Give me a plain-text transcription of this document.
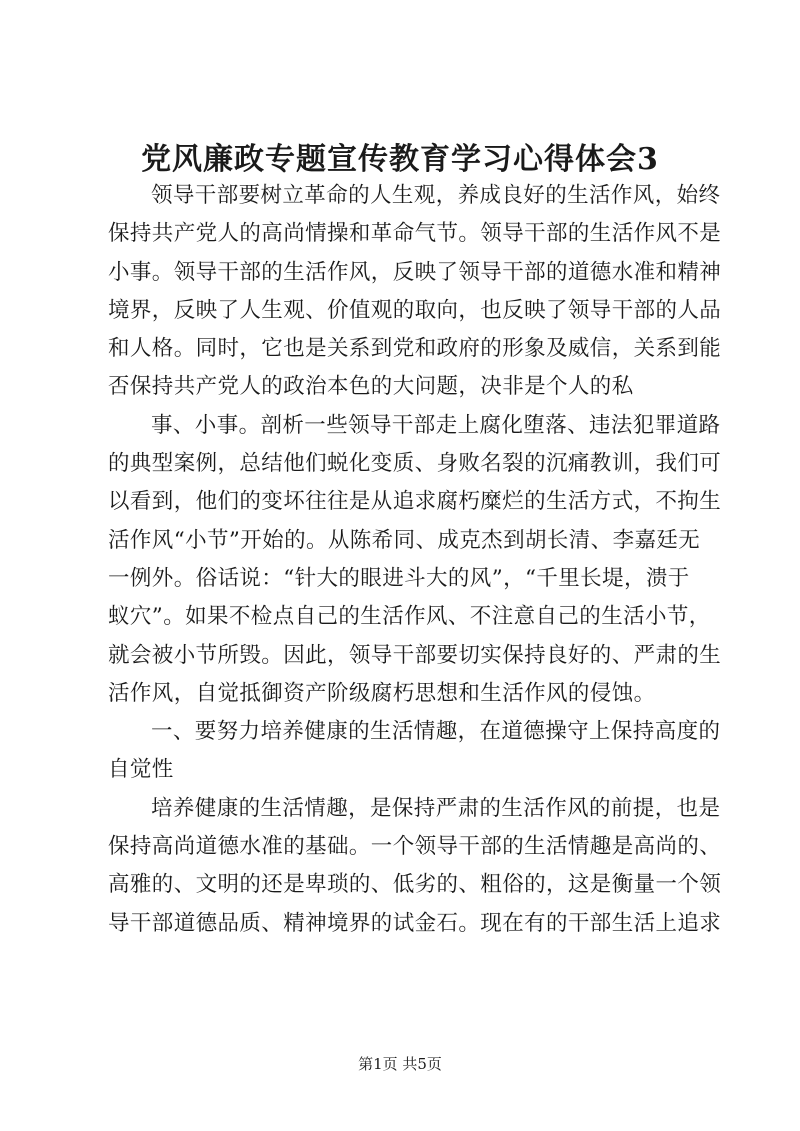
党风廉政专题宣传教育学习心得体会3
领导干部要树立革命的人生观，养成良好的生活作风，始终
保持共产党人的高尚情操和革命气节。领导干部的生活作风不是
小事。领导干部的生活作风，反映了领导干部的道德水准和精神
境界，反映了人生观、价值观的取向，也反映了领导干部的人品
和人格。同时，它也是关系到党和政府的形象及威信，关系到能
否保持共产党人的政治本色的大问题，决非是个人的私
事、小事。剖析一些领导干部走上腐化堕落、违法犯罪道路
的典型案例，总结他们蜕化变质、身败名裂的沉痛教训，我们可
以看到，他们的变坏往往是从追求腐朽糜烂的生活方式，不拘生
活作风“小节”开始的。从陈希同、成克杰到胡长清、李嘉廷无
一例外。俗话说：“针大的眼进斗大的风”，“千里长堤，溃于
蚁穴”。如果不检点自己的生活作风、不注意自己的生活小节，
就会被小节所毁。因此，领导干部要切实保持良好的、严肃的生
活作风，自觉抵御资产阶级腐朽思想和生活作风的侵蚀。
一、要努力培养健康的生活情趣，在道德操守上保持高度的
自觉性
培养健康的生活情趣，是保持严肃的生活作风的前提，也是
保持高尚道德水准的基础。一个领导干部的生活情趣是高尚的、
高雅的、文明的还是卑琐的、低劣的、粗俗的，这是衡量一个领
导干部道德品质、精神境界的试金石。现在有的干部生活上追求
第1页 共5页
